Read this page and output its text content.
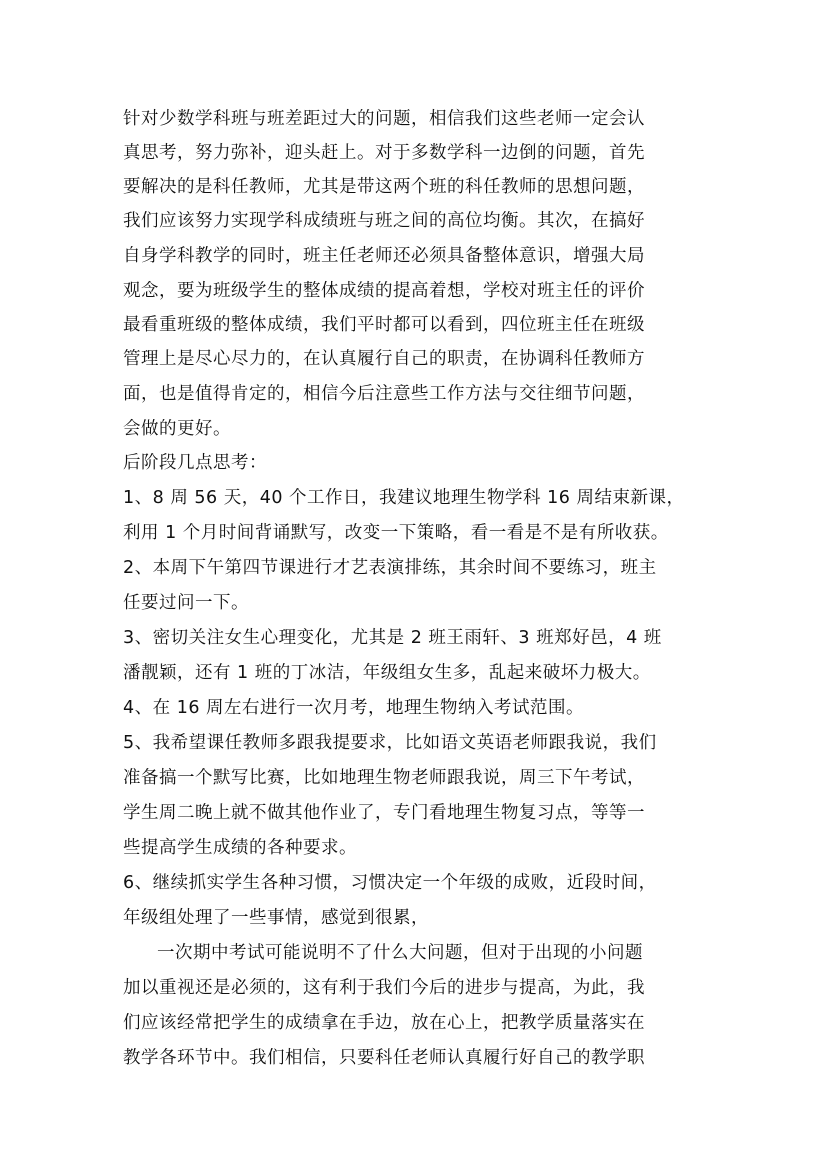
针对少数学科班与班差距过大的问题，相信我们这些老师一定会认
真思考，努力弥补，迎头赶上。对于多数学科一边倒的问题，首先
要解决的是科任教师，尤其是带这两个班的科任教师的思想问题，
我们应该努力实现学科成绩班与班之间的高位均衡。其次，在搞好
自身学科教学的同时，班主任老师还必须具备整体意识，增强大局
观念，要为班级学生的整体成绩的提高着想，学校对班主任的评价
最看重班级的整体成绩，我们平时都可以看到，四位班主任在班级
管理上是尽心尽力的，在认真履行自己的职责，在协调科任教师方
面，也是值得肯定的，相信今后注意些工作方法与交往细节问题，
会做的更好。
后阶段几点思考：
1、8 周 56 天，40 个工作日，我建议地理生物学科 16 周结束新课，
利用 1 个月时间背诵默写，改变一下策略，看一看是不是有所收获。
2、本周下午第四节课进行才艺表演排练，其余时间不要练习，班主
任要过问一下。
3、密切关注女生心理变化，尤其是 2 班王雨轩、3 班郑好邑，4 班
潘靓颖，还有 1 班的丁冰洁，年级组女生多，乱起来破坏力极大。
4、在 16 周左右进行一次月考，地理生物纳入考试范围。
5、我希望课任教师多跟我提要求，比如语文英语老师跟我说，我们
准备搞一个默写比赛，比如地理生物老师跟我说，周三下午考试，
学生周二晚上就不做其他作业了，专门看地理生物复习点，等等一
些提高学生成绩的各种要求。
6、继续抓实学生各种习惯，习惯决定一个年级的成败，近段时间，
年级组处理了一些事情，感觉到很累，
一次期中考试可能说明不了什么大问题，但对于出现的小问题
加以重视还是必须的，这有利于我们今后的进步与提高，为此，我
们应该经常把学生的成绩拿在手边，放在心上，把教学质量落实在
教学各环节中。我们相信，只要科任老师认真履行好自己的教学职
